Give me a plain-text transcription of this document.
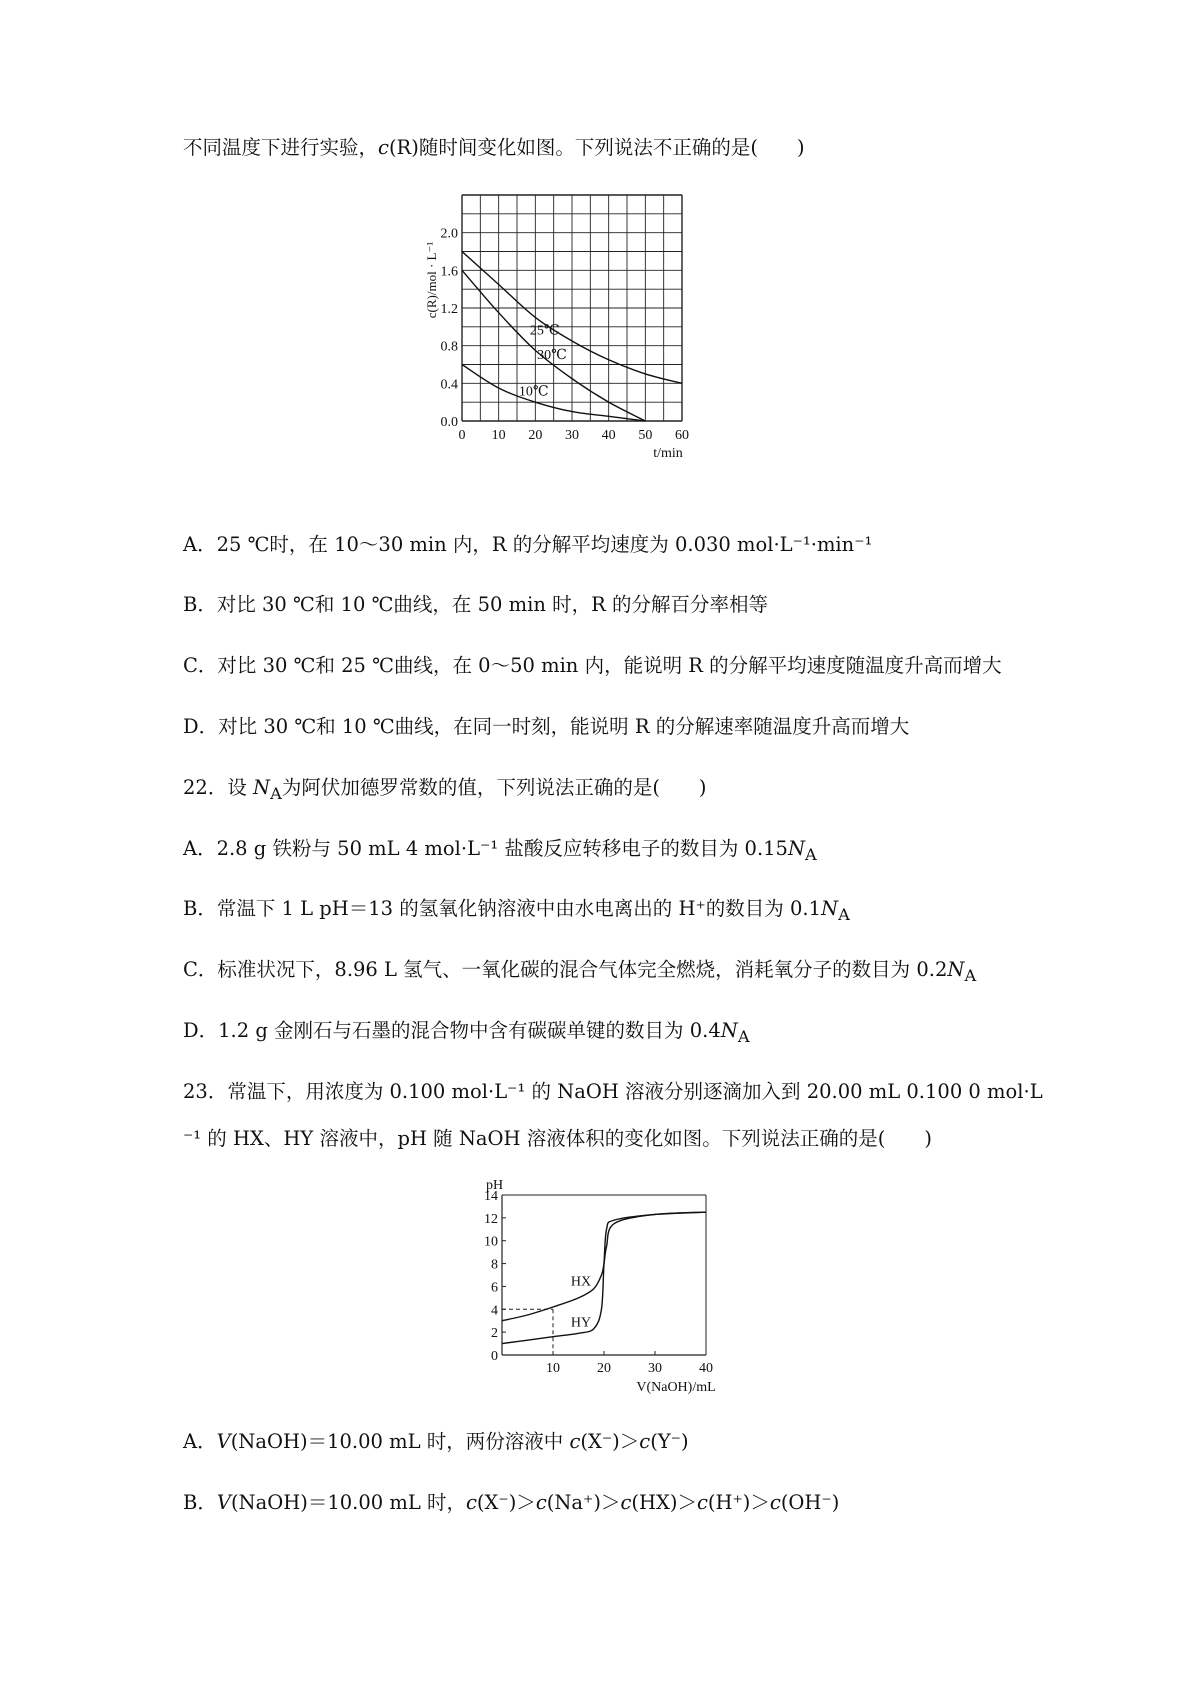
不同温度下进行实验，c(R)随时间变化如图。下列说法不正确的是(　　)
0 10 20 30 40 50 60
0.0
0.4
0.8
1.2
1.6
2.0
t/min
c(R)/mol · L⁻¹
25℃
30℃
10℃
A．25 ℃时，在 10～30 min 内，R 的分解平均速度为 0.030 mol·L⁻¹·min⁻¹
B．对比 30 ℃和 10 ℃曲线，在 50 min 时，R 的分解百分率相等
C．对比 30 ℃和 25 ℃曲线，在 0～50 min 内，能说明 R 的分解平均速度随温度升高而增大
D．对比 30 ℃和 10 ℃曲线，在同一时刻，能说明 R 的分解速率随温度升高而增大
22．设 $N_A$为阿伏加德罗常数的值，下列说法正确的是(　　)
A．2.8 g 铁粉与 50 mL 4 mol·L⁻¹ 盐酸反应转移电子的数目为 $0.15N_A$
B．常温下 1 L pH＝13 的氢氧化钠溶液中由水电离出的 H⁺的数目为 $0.1N_A$
C．标准状况下，8.96 L 氢气、一氧化碳的混合气体完全燃烧，消耗氧分子的数目为 $0.2N_A$
D．1.2 g 金刚石与石墨的混合物中含有碳碳单键的数目为 $0.4N_A$
23．常温下，用浓度为 0.100 mol·L⁻¹ 的 NaOH 溶液分别逐滴加入到 20.00 mL 0.100 0 mol·L
⁻¹ 的 HX、HY 溶液中，pH 随 NaOH 溶液体积的变化如图。下列说法正确的是(　　)
0
2
4
6
8
10
12
14
10	20	30	40
pH
V(NaOH)/mL
HX
HY
A．V(NaOH)＝10.00 mL 时，两份溶液中 c(X⁻)＞c(Y⁻)
B．V(NaOH)＝10.00 mL 时，c(X⁻)＞c(Na⁺)＞c(HX)＞c(H⁺)＞c(OH⁻)
